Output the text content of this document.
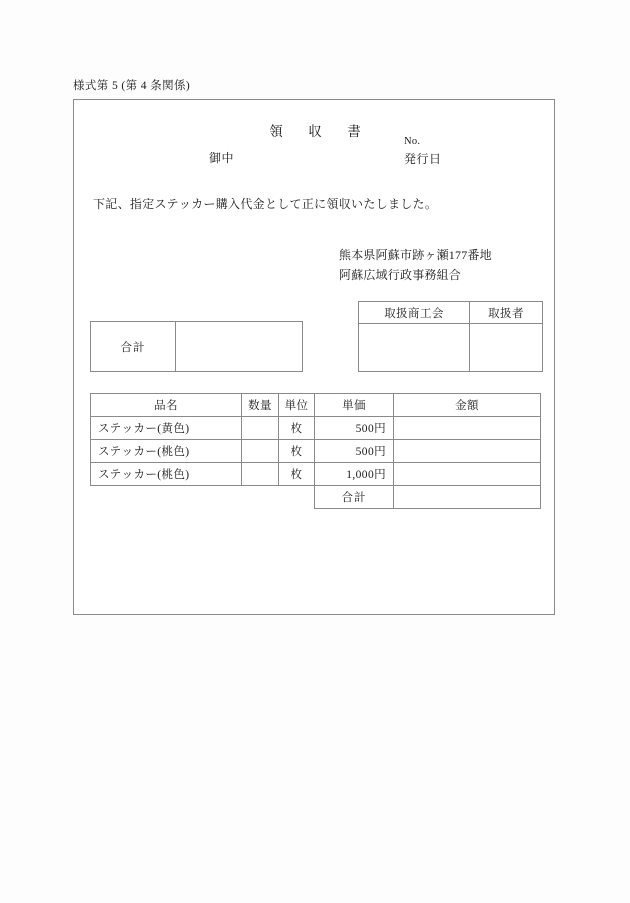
様式第 5 (第 4 条関係)
領　収　書
御中
No.
発行日
下記、指定ステッカー購入代金として正に領収いたしました。
熊本県阿蘇市跡ヶ瀬177番地
阿蘇広域行政事務組合
取扱商工会	取扱者

合計	
品名	数量	単位	単価	金額
ステッカー(黄色)		枚	500円	
ステッカー(桃色)		枚	500円	
ステッカー(桃色)		枚	1,000円	
			合計	
